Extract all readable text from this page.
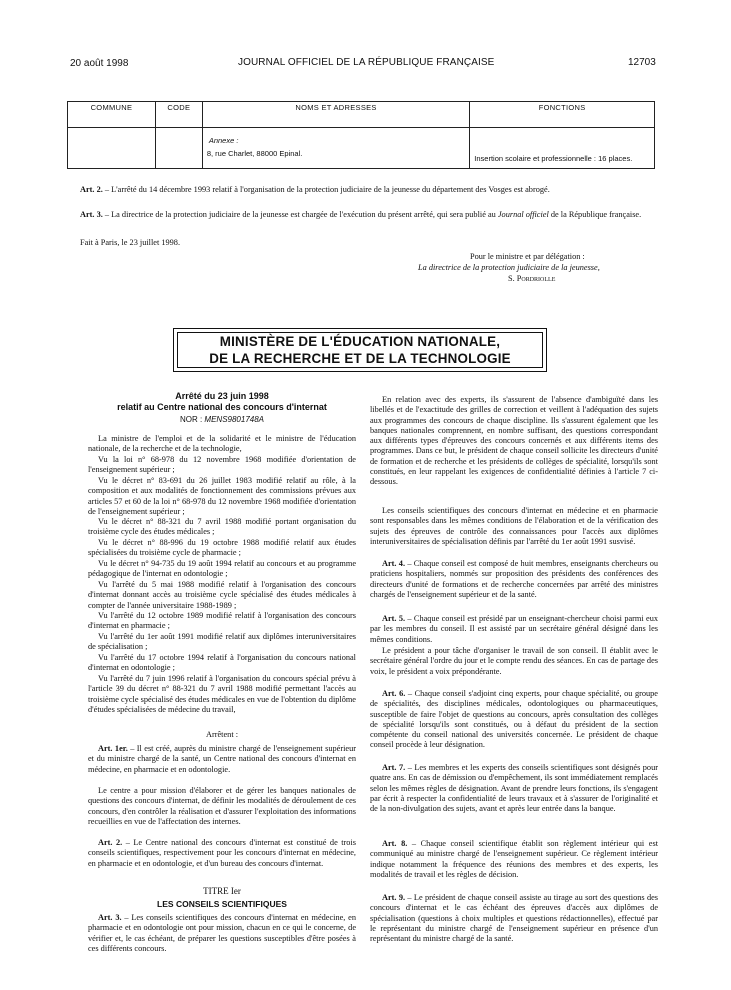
20 août 1998	JOURNAL OFFICIEL DE LA RÉPUBLIQUE FRANÇAISE	12703
COMMUNE	CODE	NOMS ET ADRESSES	FONCTIONS

		Annexe :
8, rue Charlet, 88000 Epinal.	Insertion scolaire et professionnelle : 16 places.
Art. 2. – L'arrêté du 14 décembre 1993 relatif à l'organisation de la protection judiciaire de la jeunesse du département des Vosges est abrogé.
Art. 3. – La directrice de la protection judiciaire de la jeunesse est chargée de l'exécution du présent arrêté, qui sera publié au Journal officiel de la République française.
Fait à Paris, le 23 juillet 1998.
Pour le ministre et par délégation :
La directrice de la protection judiciaire de la jeunesse,
S. Pordriolle
MINISTÈRE DE L'ÉDUCATION NATIONALE,
DE LA RECHERCHE ET DE LA TECHNOLOGIE
Arrêté du 23 juin 1998
relatif au Centre national des concours d'internat
NOR : MENS9801748A
La ministre de l'emploi et de la solidarité et le ministre de l'éducation nationale, de la recherche et de la technologie,
Vu la loi n° 68-978 du 12 novembre 1968 modifiée d'orientation de l'enseignement supérieur ;
Vu le décret n° 83-691 du 26 juillet 1983 modifié relatif au rôle, à la composition et aux modalités de fonctionnement des commissions prévues aux articles 57 et 60 de la loi n° 68-978 du 12 novembre 1968 modifiée d'orientation de l'enseignement supérieur ;
Vu le décret n° 88-321 du 7 avril 1988 modifié portant organisation du troisième cycle des études médicales ;
Vu le décret n° 88-996 du 19 octobre 1988 modifié relatif aux études spécialisées du troisième cycle de pharmacie ;
Vu le décret n° 94-735 du 19 août 1994 relatif au concours et au programme pédagogique de l'internat en odontologie ;
Vu l'arrêté du 5 mai 1988 modifié relatif à l'organisation des concours d'internat donnant accès au troisième cycle spécialisé des études médicales à compter de l'année universitaire 1988-1989 ;
Vu l'arrêté du 12 octobre 1989 modifié relatif à l'organisation des concours d'internat en pharmacie ;
Vu l'arrêté du 1er août 1991 modifié relatif aux diplômes interuniversitaires de spécialisation ;
Vu l'arrêté du 17 octobre 1994 relatif à l'organisation du concours national d'internat en odontologie ;
Vu l'arrêté du 7 juin 1996 relatif à l'organisation du concours spécial prévu à l'article 39 du décret n° 88-321 du 7 avril 1988 modifié permettant l'accès au troisième cycle spécialisé des études médicales en vue de l'obtention du diplôme d'études spécialisées de médecine du travail,
Arrêtent :
Art. 1er. – Il est créé, auprès du ministre chargé de l'enseignement supérieur et du ministre chargé de la santé, un Centre national des concours d'internat en médecine, en pharmacie et en odontologie.
Le centre a pour mission d'élaborer et de gérer les banques nationales de questions des concours d'internat, de définir les modalités de déroulement de ces concours, d'en contrôler la réalisation et d'assurer l'exploitation des informations recueillies en vue de l'affectation des internes.
Art. 2. – Le Centre national des concours d'internat est constitué de trois conseils scientifiques, respectivement pour les concours d'internat en médecine, en pharmacie et en odontologie, et d'un bureau des concours d'internat.
TITRE Ier
LES CONSEILS SCIENTIFIQUES
Art. 3. – Les conseils scientifiques des concours d'internat en médecine, en pharmacie et en odontologie ont pour mission, chacun en ce qui le concerne, de vérifier et, le cas échéant, de préparer les questions susceptibles d'être posées à ces différents concours.
En relation avec des experts, ils s'assurent de l'absence d'ambiguïté dans les libellés et de l'exactitude des grilles de correction et veillent à l'adéquation des sujets aux programmes des concours de chaque discipline. Ils s'assurent également que les banques nationales comprennent, en nombre suffisant, des questions correspondant aux différents types d'épreuves des concours concernés et aux différents items des programmes. Dans ce but, le président de chaque conseil sollicite les directeurs d'unité de formation et de recherche et les présidents de collèges de spécialité, lorsqu'ils sont constitués, en leur rappelant les exigences de confidentialité définies à l'article 7 ci-dessous.
Les conseils scientifiques des concours d'internat en médecine et en pharmacie sont responsables dans les mêmes conditions de l'élaboration et de la vérification des sujets des épreuves de contrôle des connaissances pour l'accès aux diplômes interuniversitaires de spécialisation définis par l'arrêté du 1er août 1991 susvisé.
Art. 4. – Chaque conseil est composé de huit membres, enseignants chercheurs ou praticiens hospitaliers, nommés sur proposition des présidents des conférences des directeurs d'unité de formations et de recherche concernées par arrêté des ministres chargés de l'enseignement supérieur et de la santé.
Art. 5. – Chaque conseil est présidé par un enseignant-chercheur choisi parmi eux par les membres du conseil. Il est assisté par un secrétaire général désigné dans les mêmes conditions.
Le président a pour tâche d'organiser le travail de son conseil. Il établit avec le secrétaire général l'ordre du jour et le compte rendu des séances. En cas de partage des voix, le président a voix prépondérante.
Art. 6. – Chaque conseil s'adjoint cinq experts, pour chaque spécialité, ou groupe de spécialités, des disciplines médicales, odontologiques ou pharmaceutiques, susceptible de faire l'objet de questions au concours, après consultation des collèges de spécialité lorsqu'ils sont constitués, ou à défaut du président de la section compétente du conseil national des universités concernée. Le président de chaque conseil procède à leur désignation.
Art. 7. – Les membres et les experts des conseils scientifiques sont désignés pour quatre ans. En cas de démission ou d'empêchement, ils sont immédiatement remplacés selon les mêmes règles de désignation. Avant de prendre leurs fonctions, ils s'engagent par écrit à respecter la confidentialité de leurs travaux et à s'assurer de l'originalité et de la non-divulgation des sujets, avant et après leur entrée dans la banque.
Art. 8. – Chaque conseil scientifique établit son règlement intérieur qui est communiqué au ministre chargé de l'enseignement supérieur. Ce règlement intérieur indique notamment la fréquence des réunions des membres et des experts, les modalités de travail et les règles de décision.
Art. 9. – Le président de chaque conseil assiste au tirage au sort des questions des concours d'internat et le cas échéant des épreuves d'accès aux diplômes de spécialisation (questions à choix multiples et questions rédactionnelles), effectué par le représentant du ministre chargé de l'enseignement supérieur en présence d'un représentant du ministre chargé de la santé.
